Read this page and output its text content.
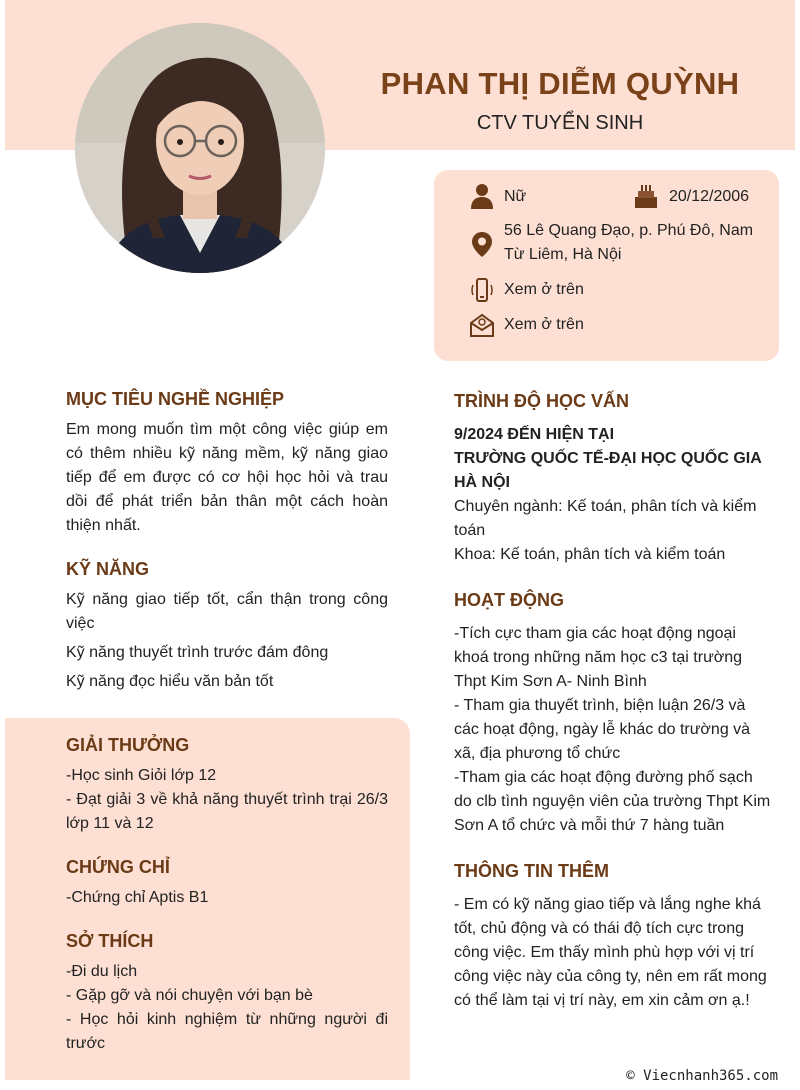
PHAN THỊ DIỄM QUỲNH
CTV TUYỂN SINH
Nữ	20/12/2006
56 Lê Quang Đạo, p. Phú Đô, Nam Từ Liêm, Hà Nội
Xem ở trên
Xem ở trên
MỤC TIÊU NGHỀ NGHIỆP
Em mong muốn tìm một công việc giúp em có thêm nhiều kỹ năng mềm, kỹ năng giao tiếp để em được có cơ hội học hỏi và trau dồi để phát triển bản thân một cách hoàn thiện nhất.
KỸ NĂNG
Kỹ năng giao tiếp tốt, cẩn thận trong công việc
Kỹ năng thuyết trình trước đám đông
Kỹ năng đọc hiểu văn bản tốt
GIẢI THƯỞNG
-Học sinh Giỏi lớp 12
- Đạt giải 3 về khả năng thuyết trình trại 26/3 lớp 11 và 12
CHỨNG CHỈ
-Chứng chỉ Aptis B1
SỞ THÍCH
-Đi du lịch
- Gặp gỡ và nói chuyện với bạn bè
- Học hỏi kinh nghiệm từ những người đi trước
TRÌNH ĐỘ HỌC VẤN
9/2024 ĐẾN HIỆN TẠI
TRƯỜNG QUỐC TẾ-ĐẠI HỌC QUỐC GIA HÀ NỘI
Chuyên ngành: Kế toán, phân tích và kiểm toán
Khoa: Kế toán, phân tích và kiểm toán
HOẠT ĐỘNG
-Tích cực tham gia các hoạt động ngoại khoá trong những năm học c3 tại trường Thpt Kim Sơn A- Ninh Bình
- Tham gia thuyết trình, biện luận 26/3 và các hoạt động, ngày lễ khác do trường và xã, địa phương tổ chức
-Tham gia các hoạt động đường phố sạch do clb tình nguyện viên của trường Thpt Kim Sơn A tổ chức và mỗi thứ 7 hàng tuần
THÔNG TIN THÊM
- Em có kỹ năng giao tiếp và lắng nghe khá tốt, chủ động và có thái độ tích cực trong công việc. Em thấy mình phù hợp với vị trí công việc này của công ty, nên em rất mong có thể làm tại vị trí này, em xin cảm ơn ạ.!
© Viecnhanh365.com
